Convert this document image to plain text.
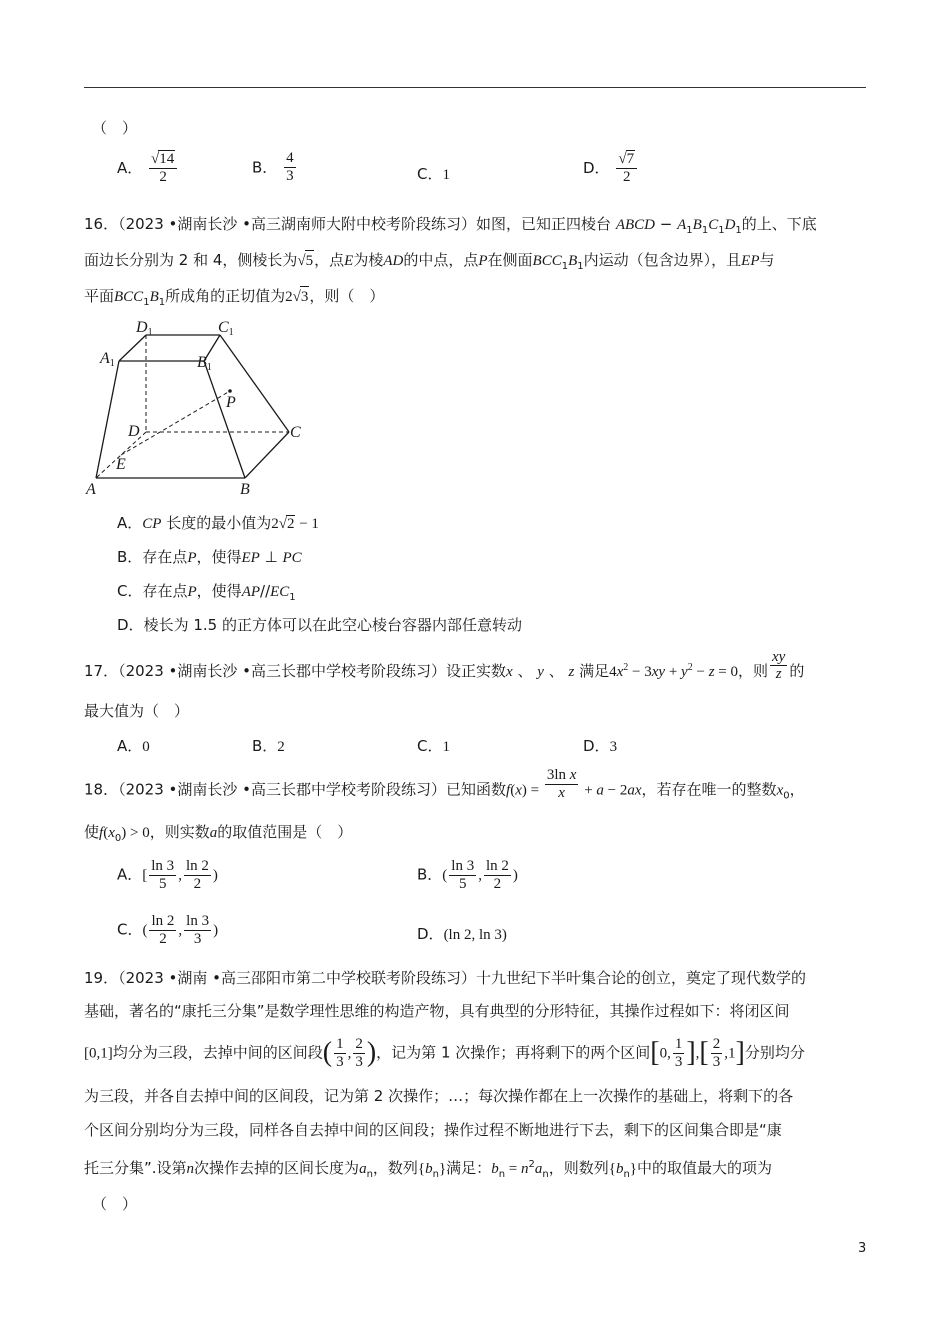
（　）
A． $\frac{√14}{2}$	B． $\frac{4}{3}$	C．1	D． $\frac{√7}{2}$
16．（2023 •湖南长沙 •高三湖南师大附中校考阶段练习）如图，已知正四棱台 ABCD − $A_1B_1C_1D_1$的上、下底
面边长分别为 2 和 4，侧棱长为√5，点E为棱AD的中点，点P在侧面$BCC_1B_1$内运动（包含边界），且EP与
平面$BCC_1B_1$所成角的正切值为2√3，则（　）
D1	C1
A1	B1
P
D	C
E
A	B
A．CP 长度的最小值为2√2 − 1
B．存在点P，使得EP ⊥ PC
C．存在点P，使得$AP//EC_1$
D．棱长为 1.5 的正方体可以在此空心棱台容器内部任意转动
17．（2023 •湖南长沙 •高三长郡中学校考阶段练习）设正实数x 、 y 、 z 满足$4x^2 - 3xy + y^2 - z = 0$，则 $\frac{xy}{z}$ 的
最大值为（　）
A．0	B．2	C．1	D．3
18．（2023 •湖南长沙 •高三长郡中学校考阶段练习）已知函数$f(x) = \frac{\text{3ln x}}{x} + a - 2ax$，若存在唯一的整数$x_0$，
使$f(x_0) > 0$，则实数a的取值范围是（　）
A．[ $\frac{\ln 3}{5}$ , $\frac{\ln 2}{2}$ )	B．( $\frac{\ln 3}{5}$ , $\frac{\ln 2}{2}$ )
C．( $\frac{\ln 2}{2}$ , $\frac{\ln 3}{3}$ )	D．(ln 2, ln 3)
19．（2023 •湖南 •高三邵阳市第二中学校联考阶段练习）十九世纪下半叶集合论的创立，奠定了现代数学的
基础，著名的“康托三分集”是数学理性思维的构造产物，具有典型的分形特征，其操作过程如下：将闭区间
[0,1]均分为三段，去掉中间的区间段( $\frac{1}{3}$ , $\frac{2}{3}$ )，记为第 1 次操作；再将剩下的两个区间[0, $\frac{1}{3}$ ],[ $\frac{2}{3} ,1$]分别均分
为三段，并各自去掉中间的区间段，记为第 2 次操作；…；每次操作都在上一次操作的基础上，将剩下的各
个区间分别均分为三段，同样各自去掉中间的区间段；操作过程不断地进行下去，剩下的区间集合即是“康
托三分集”.设第n次操作去掉的区间长度为$a_n$，数列$\{b_n\}$满足：$b_n = n^2a_n$，则数列$\{b_n\}$中的取值最大的项为
（　）
3
